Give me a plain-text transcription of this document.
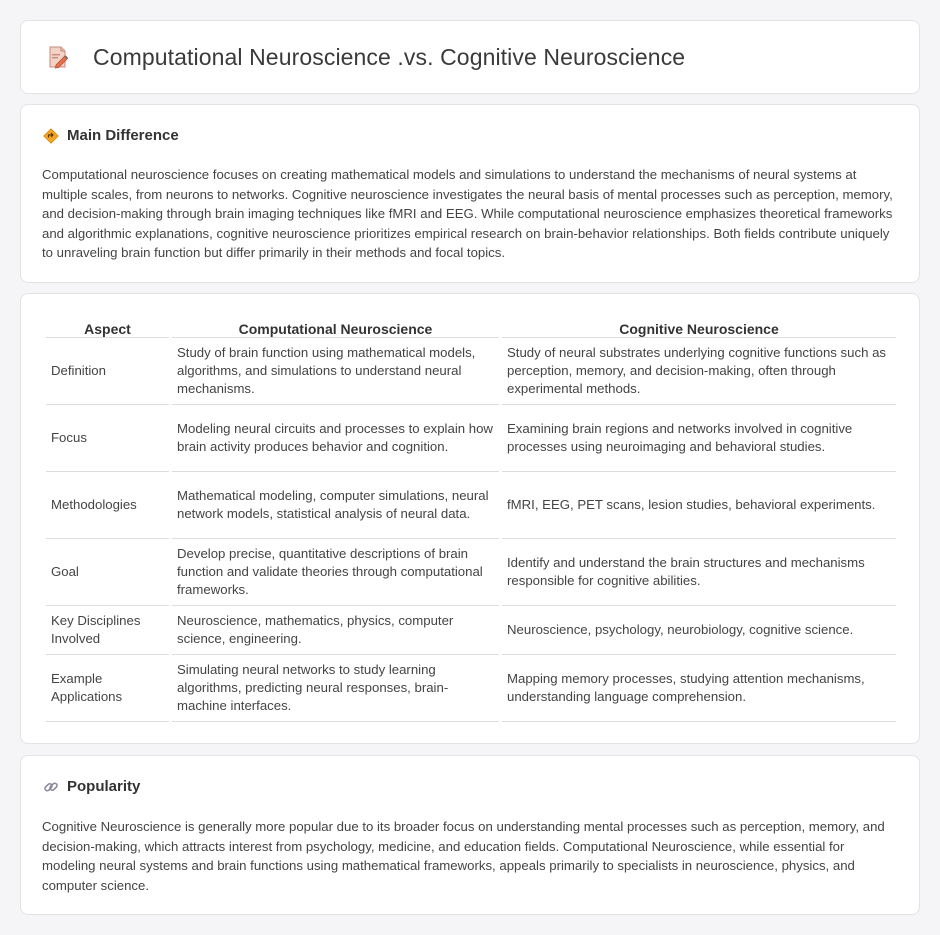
Computational Neuroscience .vs. Cognitive Neuroscience
Main Difference

Computational neuroscience focuses on creating mathematical models and simulations to understand the mechanisms of neural systems at multiple scales, from neurons to networks. Cognitive neuroscience investigates the neural basis of mental processes such as perception, memory, and decision-making through brain imaging techniques like fMRI and EEG. While computational neuroscience emphasizes theoretical frameworks and algorithmic explanations, cognitive neuroscience prioritizes empirical research on brain-behavior relationships. Both fields contribute uniquely to unraveling brain function but differ primarily in their methods and focal topics.

Aspect	Computational Neuroscience	Cognitive Neuroscience
Definition	Study of brain function using mathematical models, algorithms, and simulations to understand neural mechanisms.	Study of neural substrates underlying cognitive functions such as perception, memory, and decision-making, often through experimental methods.
Focus	Modeling neural circuits and processes to explain how brain activity produces behavior and cognition.	Examining brain regions and networks involved in cognitive processes using neuroimaging and behavioral studies.
Methodologies	Mathematical modeling, computer simulations, neural network models, statistical analysis of neural data.	fMRI, EEG, PET scans, lesion studies, behavioral experiments.
Goal	Develop precise, quantitative descriptions of brain function and validate theories through computational frameworks.	Identify and understand the brain structures and mechanisms responsible for cognitive abilities.
Key Disciplines Involved	Neuroscience, mathematics, physics, computer science, engineering.	Neuroscience, psychology, neurobiology, cognitive science.
Example Applications	Simulating neural networks to study learning algorithms, predicting neural responses, brain-machine interfaces.	Mapping memory processes, studying attention mechanisms, understanding language comprehension.
Popularity

Cognitive Neuroscience is generally more popular due to its broader focus on understanding mental processes such as perception, memory, and decision-making, which attracts interest from psychology, medicine, and education fields. Computational Neuroscience, while essential for modeling neural systems and brain functions using mathematical frameworks, appeals primarily to specialists in neuroscience, physics, and computer science.
